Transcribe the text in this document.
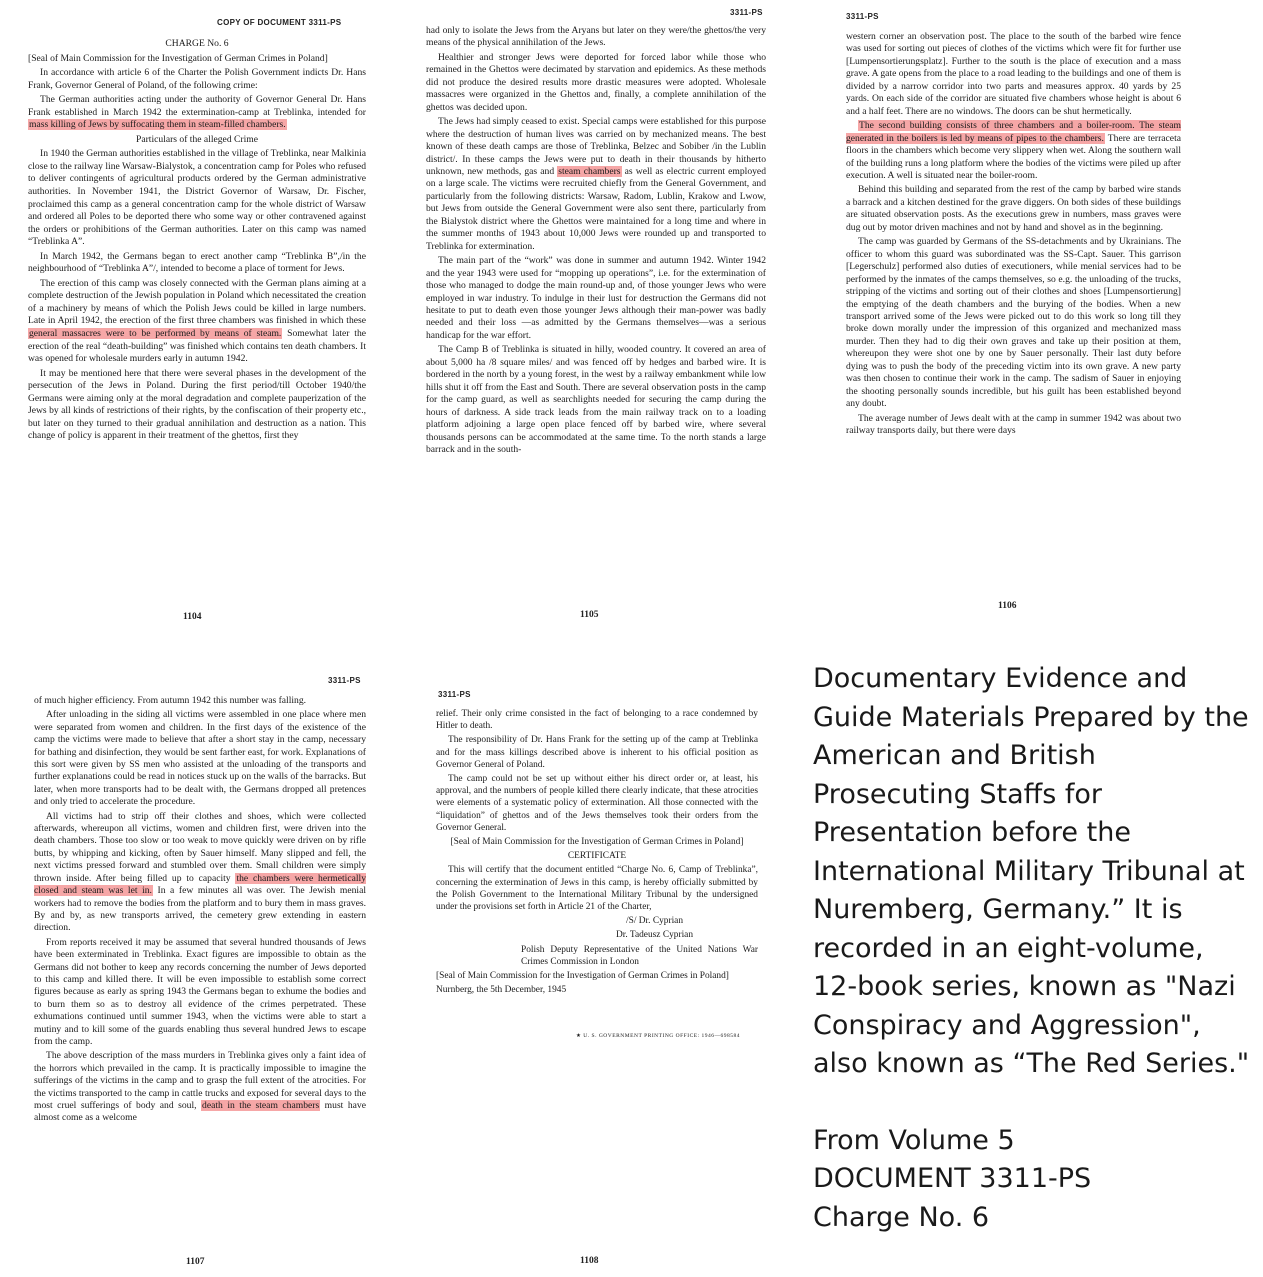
COPY OF DOCUMENT 3311-PS

CHARGE No. 6

[Seal of Main Commission for the Investigation of German Crimes in Poland]

In accordance with article 6 of the Charter the Polish Government indicts Dr. Hans Frank, Governor General of Poland, of the following crime:

The German authorities acting under the authority of Governor General Dr. Hans Frank established in March 1942 the extermination-camp at Treblinka, intended for mass killing of Jews by suffocating them in steam-filled chambers.

Particulars of the alleged Crime

In 1940 the German authorities established in the village of Treblinka, near Malkinia close to the railway line Warsaw-Bialystok, a concentration camp for Poles who refused to deliver contingents of agricultural products ordered by the German administrative authorities. In November 1941, the District Governor of Warsaw, Dr. Fischer, proclaimed this camp as a general concentration camp for the whole district of Warsaw and ordered all Poles to be deported there who some way or other contravened against the orders or prohibitions of the German authorities. Later on this camp was named “Treblinka A”.

In March 1942, the Germans began to erect another camp “Treblinka B”,/in the neighbourhood of “Treblinka A”/, intended to become a place of torment for Jews.

The erection of this camp was closely connected with the German plans aiming at a complete destruction of the Jewish population in Poland which necessitated the creation of a machinery by means of which the Polish Jews could be killed in large numbers. Late in April 1942, the erection of the first three chambers was finished in which these general massacres were to be performed by means of steam. Somewhat later the erection of the real “death-building” was finished which contains ten death chambers. It was opened for wholesale murders early in autumn 1942.

It may be mentioned here that there were several phases in the development of the persecution of the Jews in Poland. During the first period/till October 1940/the Germans were aiming only at the moral degradation and complete pauperization of the Jews by all kinds of restrictions of their rights, by the confiscation of their property etc., but later on they turned to their gradual annihilation and destruction as a nation. This change of policy is apparent in their treatment of the ghettos, first they

1104
3311-PS

had only to isolate the Jews from the Aryans but later on they were/the ghettos/the very means of the physical annihilation of the Jews.

Healthier and stronger Jews were deported for forced labor while those who remained in the Ghettos were decimated by starvation and epidemics. As these methods did not produce the desired results more drastic measures were adopted. Wholesale massacres were organized in the Ghettos and, finally, a complete annihilation of the ghettos was decided upon.

The Jews had simply ceased to exist. Special camps were established for this purpose where the destruction of human lives was carried on by mechanized means. The best known of these death camps are those of Treblinka, Belzec and Sobiber /in the Lublin district/. In these camps the Jews were put to death in their thousands by hitherto unknown, new methods, gas and steam chambers as well as electric current employed on a large scale. The victims were recruited chiefly from the General Government, and particularly from the following districts: Warsaw, Radom, Lublin, Krakow and Lwow, but Jews from outside the General Government were also sent there, particularly from the Bialystok district where the Ghettos were maintained for a long time and where in the summer months of 1943 about 10,000 Jews were rounded up and transported to Treblinka for extermination.

The main part of the “work” was done in summer and autumn 1942. Winter 1942 and the year 1943 were used for “mopping up operations”, i.e. for the extermination of those who managed to dodge the main round-up and, of those younger Jews who were employed in war industry. To indulge in their lust for destruction the Germans did not hesitate to put to death even those younger Jews although their man-power was badly needed and their loss —as admitted by the Germans themselves—was a serious handicap for the war effort.

The Camp B of Treblinka is situated in hilly, wooded country. It covered an area of about 5,000 ha /8 square miles/ and was fenced off by hedges and barbed wire. It is bordered in the north by a young forest, in the west by a railway embankment while low hills shut it off from the East and South. There are several observation posts in the camp for the camp guard, as well as searchlights needed for securing the camp during the hours of darkness. A side track leads from the main railway track on to a loading platform adjoining a large open place fenced off by barbed wire, where several thousands persons can be accommodated at the same time. To the north stands a large barrack and in the south-

1105
3311-PS

western corner an observation post. The place to the south of the barbed wire fence was used for sorting out pieces of clothes of the victims which were fit for further use [Lumpensortierungsplatz]. Further to the south is the place of execution and a mass grave. A gate opens from the place to a road leading to the buildings and one of them is divided by a narrow corridor into two parts and measures approx. 40 yards by 25 yards. On each side of the corridor are situated five chambers whose height is about 6 and a half feet. There are no windows. The doors can be shut hermetically.

The second building consists of three chambers and a boiler-room. The steam generated in the boilers is led by means of pipes to the chambers. There are terraceta floors in the chambers which become very slippery when wet. Along the southern wall of the building runs a long platform where the bodies of the victims were piled up after execution. A well is situated near the boiler-room.

Behind this building and separated from the rest of the camp by barbed wire stands a barrack and a kitchen destined for the grave diggers. On both sides of these buildings are situated observation posts. As the executions grew in numbers, mass graves were dug out by motor driven machines and not by hand and shovel as in the beginning.

The camp was guarded by Germans of the SS-detachments and by Ukrainians. The officer to whom this guard was subordinated was the SS-Capt. Sauer. This garrison [Legerschulz] performed also duties of executioners, while menial services had to be performed by the inmates of the camps themselves, so e.g. the unloading of the trucks, stripping of the victims and sorting out of their clothes and shoes [Lumpensortierung] the emptying of the death chambers and the burying of the bodies. When a new transport arrived some of the Jews were picked out to do this work so long till they broke down morally under the impression of this organized and mechanized mass murder. Then they had to dig their own graves and take up their position at them, whereupon they were shot one by one by Sauer personally. Their last duty before dying was to push the body of the preceding victim into its own grave. A new party was then chosen to continue their work in the camp. The sadism of Sauer in enjoying the shooting personally sounds incredible, but his guilt has been established beyond any doubt.

The average number of Jews dealt with at the camp in summer 1942 was about two railway transports daily, but there were days

1106
3311-PS

of much higher efficiency. From autumn 1942 this number was falling.

After unloading in the siding all victims were assembled in one place where men were separated from women and children. In the first days of the existence of the camp the victims were made to believe that after a short stay in the camp, necessary for bathing and disinfection, they would be sent farther east, for work. Explanations of this sort were given by SS men who assisted at the unloading of the transports and further explanations could be read in notices stuck up on the walls of the barracks. But later, when more transports had to be dealt with, the Germans dropped all pretences and only tried to accelerate the procedure.

All victims had to strip off their clothes and shoes, which were collected afterwards, whereupon all victims, women and children first, were driven into the death chambers. Those too slow or too weak to move quickly were driven on by rifle butts, by whipping and kicking, often by Sauer himself. Many slipped and fell, the next victims pressed forward and stumbled over them. Small children were simply thrown inside. After being filled up to capacity the chambers were hermetically closed and steam was let in. In a few minutes all was over. The Jewish menial workers had to remove the bodies from the platform and to bury them in mass graves. By and by, as new transports arrived, the cemetery grew extending in eastern direction.

From reports received it may be assumed that several hundred thousands of Jews have been exterminated in Treblinka. Exact figures are impossible to obtain as the Germans did not bother to keep any records concerning the number of Jews deported to this camp and killed there. It will be even impossible to establish some correct figures because as early as spring 1943 the Germans began to exhume the bodies and to burn them so as to destroy all evidence of the crimes perpetrated. These exhumations continued until summer 1943, when the victims were able to start a mutiny and to kill some of the guards enabling thus several hundred Jews to escape from the camp.

The above description of the mass murders in Treblinka gives only a faint idea of the horrors which prevailed in the camp. It is practically impossible to imagine the sufferings of the victims in the camp and to grasp the full extent of the atrocities. For the victims transported to the camp in cattle trucks and exposed for several days to the most cruel sufferings of body and soul, death in the steam chambers must have almost come as a welcome

1107
3311-PS

relief. Their only crime consisted in the fact of belonging to a race condemned by Hitler to death.

The responsibility of Dr. Hans Frank for the setting up of the camp at Treblinka and for the mass killings described above is inherent to his official position as Governor General of Poland.

The camp could not be set up without either his direct order or, at least, his approval, and the numbers of people killed there clearly indicate, that these atrocities were elements of a systematic policy of extermination. All those connected with the “liquidation” of ghettos and of the Jews themselves took their orders from the Governor General.

[Seal of Main Commission for the Investigation of German Crimes in Poland]

CERTIFICATE

This will certify that the document entitled “Charge No. 6, Camp of Treblinka”, concerning the extermination of Jews in this camp, is hereby officially submitted by the Polish Government to the International Military Tribunal by the undersigned under the provisions set forth in Article 21 of the Charter,

/S/ Dr. Cyprian

Dr. Tadeusz Cyprian

Polish Deputy Representative of the United Nations War Crimes Commission in London

[Seal of Main Commission for the Investigation of German Crimes in Poland]

Nurnberg, the 5th December, 1945

★ U. S. GOVERNMENT PRINTING OFFICE: 1946—698584
1108

Documentary Evidence and Guide Materials Prepared by the American and British Prosecuting Staffs for Presentation before the International Military Tribunal at Nuremberg, Germany.” It is recorded in an eight-volume, 12-book series, known as "Nazi Conspiracy and Aggression", also known as “The Red Series."

From Volume 5

DOCUMENT 3311-PS

Charge No. 6
